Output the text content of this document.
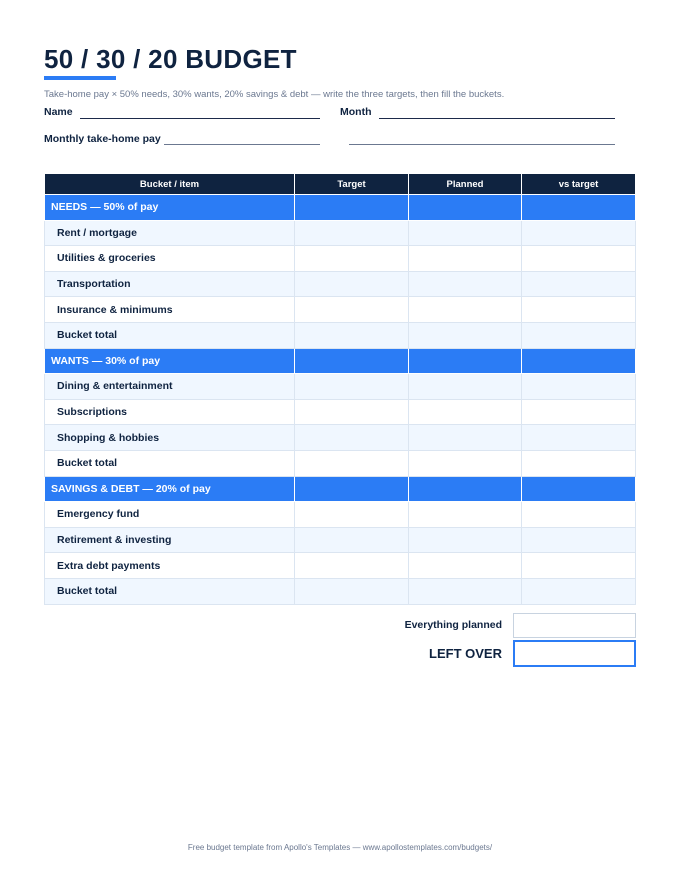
50 / 30 / 20 BUDGET
Take-home pay × 50% needs, 30% wants, 20% savings & debt — write the three targets, then fill the buckets.
Name	Month
Monthly take-home pay
Bucket / item	Target	Planned	vs target
NEEDS — 50% of pay			
Rent / mortgage			
Utilities & groceries			
Transportation			
Insurance & minimums			
Bucket total			
WANTS — 30% of pay			
Dining & entertainment			
Subscriptions			
Shopping & hobbies			
Bucket total			
SAVINGS & DEBT — 20% of pay			
Emergency fund			
Retirement & investing			
Extra debt payments			
Bucket total			
Everything planned
LEFT OVER
Free budget template from Apollo's Templates — www.apollostemplates.com/budgets/
